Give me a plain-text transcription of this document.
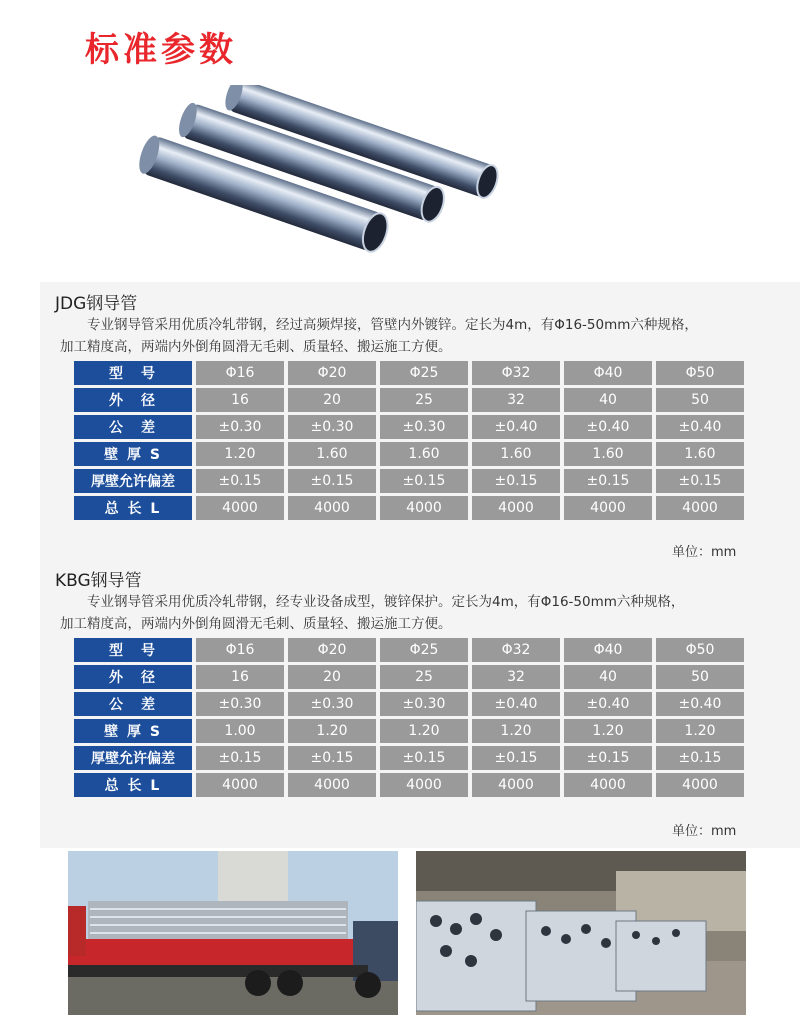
标准参数
JDG钢导管
专业钢导管采用优质冷轧带钢，经过高频焊接，管壁内外镀锌。定长为4m，有Φ16-50mm六种规格，
加工精度高，两端内外倒角圆滑无毛刺、质量轻、搬运施工方便。
型　号	Φ16	Φ20	Φ25	Φ32	Φ40	Φ50
外　径	16	20	25	32	40	50
公　差	±0.30	±0.30	±0.30	±0.40	±0.40	±0.40
壁 厚 S	1.20	1.60	1.60	1.60	1.60	1.60
厚壁允许偏差	±0.15	±0.15	±0.15	±0.15	±0.15	±0.15
总 长 L	4000	4000	4000	4000	4000	4000
单位：mm
KBG钢导管
专业钢导管采用优质冷轧带钢，经专业设备成型，镀锌保护。定长为4m，有Φ16-50mm六种规格，
加工精度高，两端内外倒角圆滑无毛刺、质量轻、搬运施工方便。
型　号	Φ16	Φ20	Φ25	Φ32	Φ40	Φ50
外　径	16	20	25	32	40	50
公　差	±0.30	±0.30	±0.30	±0.40	±0.40	±0.40
壁 厚 S	1.00	1.20	1.20	1.20	1.20	1.20
厚壁允许偏差	±0.15	±0.15	±0.15	±0.15	±0.15	±0.15
总 长 L	4000	4000	4000	4000	4000	4000
单位：mm
